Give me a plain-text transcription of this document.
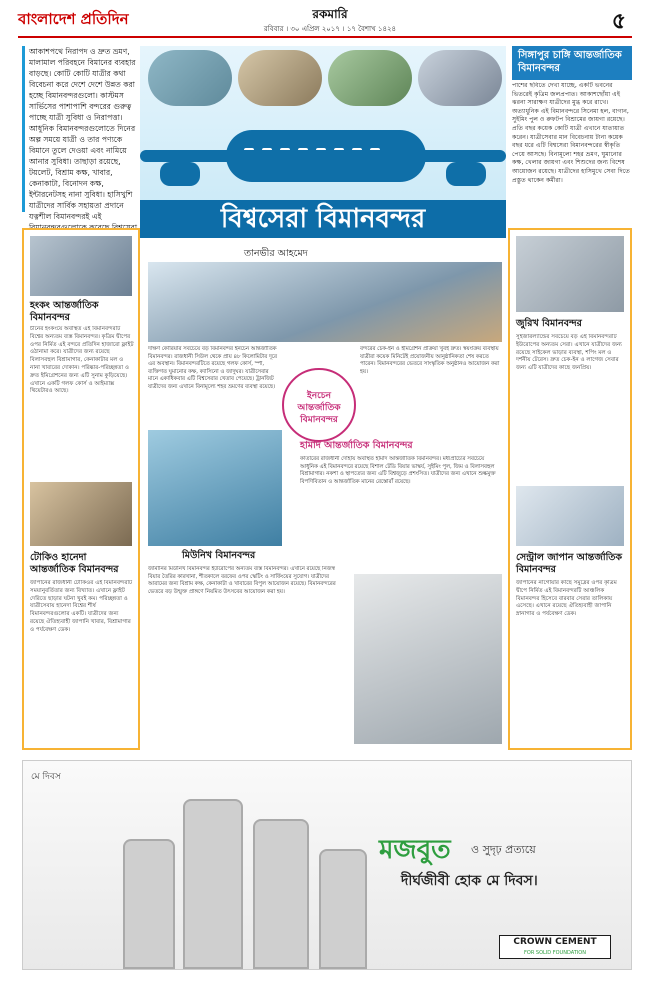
বাংলাদেশ প্রতিদিন	রকমারি
রবিবার । ৩০ এপ্রিল ২০১৭ । ১৭ বৈশাখ ১৪২৪	৫
আকাশপথে নিরাপদ ও দ্রুত ভ্রমণ, মালামাল পরিবহনে বিমানের ব্যবহার বাড়ছে। কোটি কোটি যাত্রীর কথা বিবেচনা করে দেশে দেশে উন্নত করা হচ্ছে বিমানবন্দরগুলো। কাস্টমস সার্ভিসের পাশাপাশি বন্দরের গুরুত্ব পাচ্ছে যাত্রী সুবিধা ও নিরাপত্তা। আধুনিক বিমানবন্দরগুলোতে দিনের অল্প সময়ে যাত্রী ও তার পণ্যকে বিমানে তুলে দেওয়া এবং নামিয়ে আনার সুবিধা। তাছাড়া রয়েছে, টয়লেট, বিশ্রাম কক্ষ, খাবার, কেনাকাটা, বিনোদন কক্ষ, ইন্টারনেটসহ নানা সুবিধা। হাসিখুশি যাত্রীদের সার্বিক সহায়তা প্রদানে যত্নশীল বিমানবন্দরই এই	বিশ্বসেরা বিমানবন্দর
সিঙ্গাপুর চাঙ্গি আন্তর্জাতিক বিমানবন্দর
পাশের ছবিতে দেখা যাচ্ছে, একটি ভবনের ভিতরেই কৃত্রিম জলপ্রপাত। আকাশছোঁয়া এই ঝরনা সারাক্ষণ যাত্রীদের মুগ্ধ করে রাখে। অত্যাধুনিক এই বিমানবন্দরে সিনেমা হল, বাগান, সুইমিং পুল ও রুফটপ বিশ্রামের জায়গা রয়েছে। প্রতি বছর কয়েক কোটি যাত্রী এখানে যাতায়াত করেন। যাত্রীসেবার মান বিবেচনায় টানা কয়েক বছর ধরে এটি বিশ্বসেরা বিমানবন্দরের স্বীকৃতি পেয়ে আসছে। বিনামূল্যে শহর ভ্রমণ, ঘুমানোর কক্ষ, খেলার জায়গা এবং শিশুদের জন্য বিশেষ আয়োজন রয়েছে। যাত্রীদের হাসিমুখে সেবা দিতে প্রস্তুত থাকেন কর্মীরা।
হংকং আন্তর্জাতিক বিমানবন্দর
চীনের হংকংয়ে অবস্থিত এই বিমানবন্দরটি বিশ্বের অন্যতম ব্যস্ত বিমানবন্দর। কৃত্রিম দ্বীপের ওপর নির্মিত এই বন্দরে প্রতিদিন হাজারো ফ্লাইট ওঠানামা করে। যাত্রীদের জন্য রয়েছে বিলাসবহুল বিশ্রামাগার, কেনাকাটার মল ও নানা খাবারের দোকান। পরিষ্কার-পরিচ্ছন্নতা ও দ্রুত ইমিগ্রেশনের জন্য এটি সুনাম কুড়িয়েছে। এখানে একটি গলফ কোর্স ও আইম্যাক্স থিয়েটারও আছে।
টোকিও হানেদা আন্তর্জাতিক বিমানবন্দর
জাপানের রাজধানী টোকিওর এই বিমানবন্দরটি সময়ানুবর্তিতার জন্য বিখ্যাত। এখানে ফ্লাইট দেরিতে ছাড়ার ঘটনা খুবই কম। পরিচ্ছন্নতা ও যাত্রীসেবায় হানেদা বিশ্বের শীর্ষ বিমানবন্দরগুলোর একটি। যাত্রীদের জন্য রয়েছে ঐতিহ্যবাহী জাপানি খাবার, বিশ্রামাগার ও পর্যবেক্ষণ ডেক।
জুরিখ বিমানবন্দর
সুইজারল্যান্ডের সবচেয়ে বড় এই বিমানবন্দরটি ইউরোপের অন্যতম সেরা। এখানে যাত্রীদের জন্য রয়েছে সাইকেল ভাড়ার ব্যবস্থা, শপিং মল ও দর্শনীয় টেরেস। দ্রুত চেক-ইন ও লাগেজ সেবার জন্য এটি যাত্রীদের কাছে জনপ্রিয়।
সেন্ট্রাল জাপান আন্তর্জাতিক বিমানবন্দর
জাপানের নাগোয়ার কাছে সমুদ্রের ওপর কৃত্রিম দ্বীপে নির্মিত এই বিমানবন্দরটি আঞ্চলিক বিমানবন্দর হিসেবে বারবার সেরার তালিকায় এসেছে। এখানে রয়েছে ঐতিহ্যবাহী জাপানি স্নানাগার ও পর্যবেক্ষণ ডেক।
তানভীর আহমেদ
দক্ষিণ কোরিয়ার সবচেয়ে বড় বিমানবন্দর ইনচেন আন্তর্জাতিক বিমানবন্দর। রাজধানী সিউল থেকে প্রায় ৪৮ কিলোমিটার দূরে এর অবস্থান। বিমানবন্দরটিতে রয়েছে গলফ কোর্স, স্পা, ব্যক্তিগত ঘুমানোর কক্ষ, ক্যাসিনো ও জাদুঘর। যাত্রীসেবার মানে একাধিকবার এটি বিশ্বসেরার খেতাব পেয়েছে। ট্রানজিট যাত্রীদের জন্য এখানে বিনামূল্যে শহর ভ্রমণের ব্যবস্থা রয়েছে।
বন্দরের চেক-ইন ও ইমিগ্রেশন প্রক্রিয়া খুবই দ্রুত। স্বয়ংক্রিয় ব্যবস্থায় যাত্রীরা কয়েক মিনিটেই প্রয়োজনীয় আনুষ্ঠানিকতা শেষ করতে পারেন। বিমানবন্দরের ভেতরে সাংস্কৃতিক অনুষ্ঠানও আয়োজন করা হয়।
ইনচেন আন্তর্জাতিক বিমানবন্দর
মিউনিখ বিমানবন্দর
জার্মানির মিউনিখ বিমানবন্দর ইউরোপের অন্যতম ব্যস্ত বিমানবন্দর। এখানে রয়েছে নিজস্ব বিয়ার তৈরির কারখানা, শীতকালে বরফের ওপর স্কেটিং ও সার্ফিংয়ের সুযোগ। যাত্রীদের আরামের জন্য বিশ্রাম কক্ষ, কেনাকাটা ও খাবারের বিপুল আয়োজন রয়েছে। বিমানবন্দরের ভেতরে বড় উন্মুক্ত প্রাঙ্গণে নিয়মিত উৎসবের আয়োজন করা হয়।
হামাদ আন্তর্জাতিক বিমানবন্দর
কাতারের রাজধানী দোহায় অবস্থিত হামাদ আন্তর্জাতিক বিমানবন্দর। মধ্যপ্রাচ্যের সবচেয়ে আধুনিক এই বিমানবন্দরে রয়েছে বিশাল টেডি বিয়ার ভাস্কর্য, সুইমিং পুল, জিম ও বিলাসবহুল বিশ্রামাগার। নকশা ও স্থাপত্যের জন্য এটি বিশ্বজুড়ে প্রশংসিত। যাত্রীদের জন্য এখানে শুল্কমুক্ত বিপণিবিতান ও আন্তর্জাতিক মানের রেস্তোরাঁ রয়েছে।
মে দিবস
মজবুত ও সুদৃঢ় প্রত্যয়ে
দীর্ঘজীবী হোক মে দিবস।
CROWN CEMENT
FOR SOLID FOUNDATION
